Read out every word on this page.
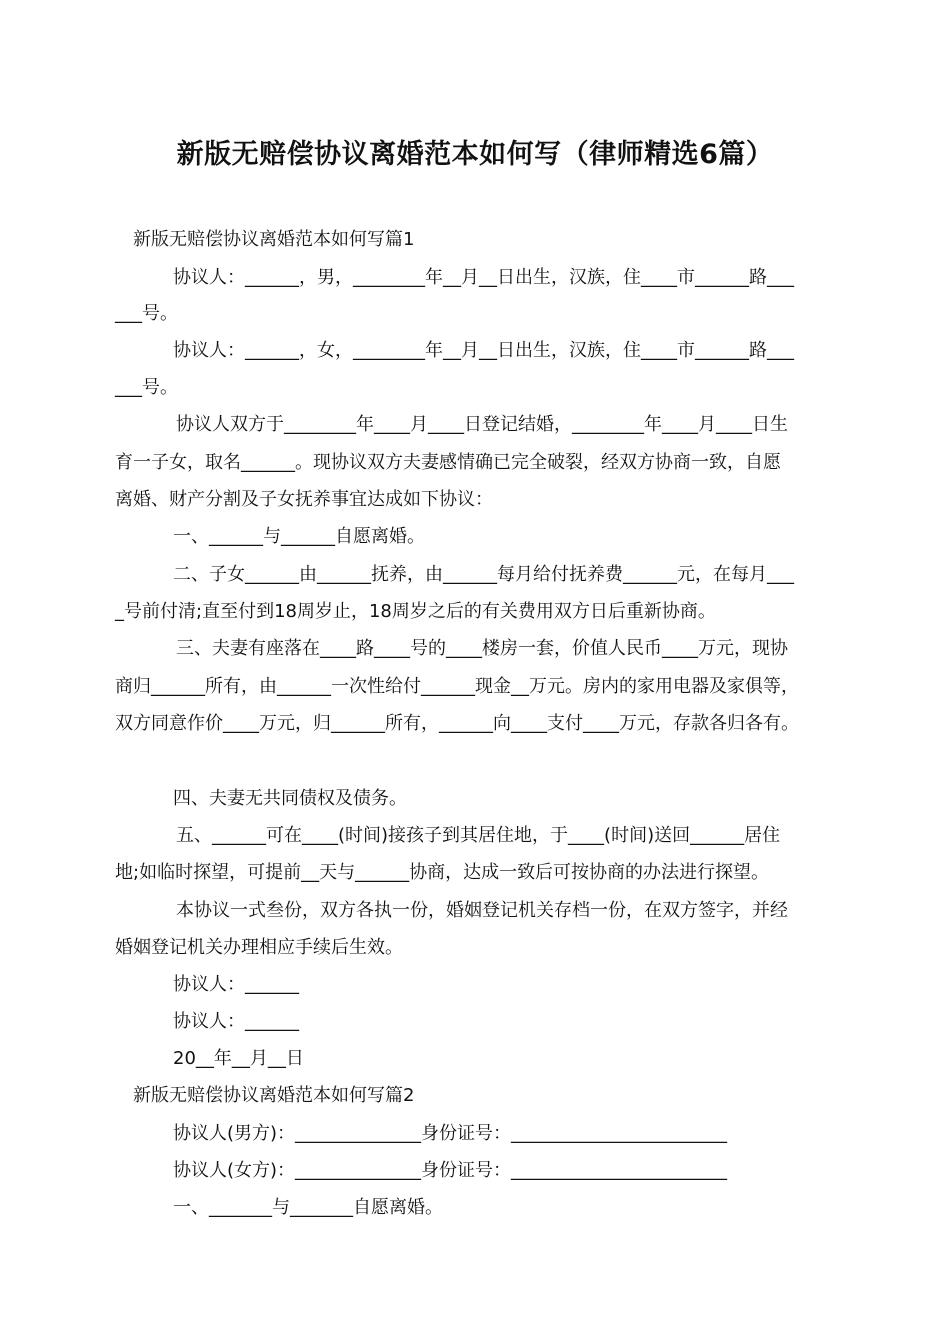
新版无赔偿协议离婚范本如何写（律师精选6篇）
新版无赔偿协议离婚范本如何写篇1
协议人：______，男，________年__月__日出生，汉族，住____市______路___
___号。
协议人：______，女，________年__月__日出生，汉族，住____市______路___
___号。
协议人双方于________年____月____日登记结婚，________年____月____日生
育一子女，取名______。现协议双方夫妻感情确已完全破裂，经双方协商一致，自愿
离婚、财产分割及子女抚养事宜达成如下协议：
一、______与______自愿离婚。
二、子女______由______抚养，由______每月给付抚养费______元，在每月___
_号前付清;直至付到18周岁止，18周岁之后的有关费用双方日后重新协商。
三、夫妻有座落在____路____号的____楼房一套，价值人民币____万元，现协
商归______所有，由______一次性给付______现金__万元。房内的家用电器及家俱等，
双方同意作价____万元，归______所有，______向____支付____万元，存款各归各有。
四、夫妻无共同债权及债务。
五、______可在____(时间)接孩子到其居住地，于____(时间)送回______居住
地;如临时探望，可提前__天与______协商，达成一致后可按协商的办法进行探望。
本协议一式叁份，双方各执一份，婚姻登记机关存档一份，在双方签字，并经
婚姻登记机关办理相应手续后生效。
协议人：______
协议人：______
20__年__月__日
新版无赔偿协议离婚范本如何写篇2
协议人(男方)：______________身份证号：________________________
协议人(女方)：______________身份证号：________________________
一、_______与_______自愿离婚。
